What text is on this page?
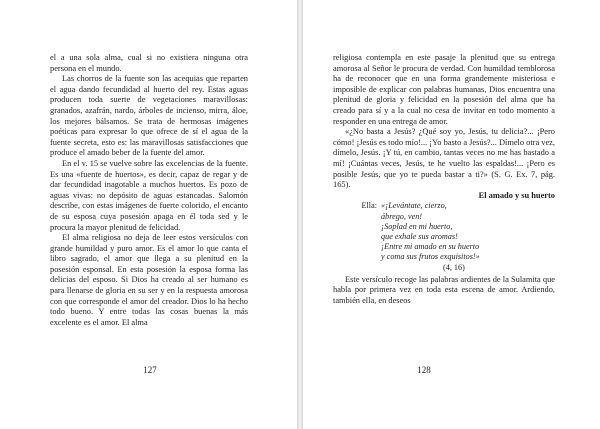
el a una sola alma, cual si no existiera ninguna otra persona en el mundo.

Las chorros de la fuente son las acequias que reparten el agua dando fecundidad al huerto del rey. Estas aguas producen toda suerte de vegetaciones maravillosas: granados, azafrán, nardo, árboles de incienso, mirra, áloe, los mejores bálsamos. Se trata de hermosas imágenes poéticas para expresar lo que ofrece de sí el agua de la fuente secreta, esto es: las maravillosas satisfacciones que produce el amado beber de la fuente del amor.

En el v. 15 se vuelve sobre las excelencias de la fuente. Es una «fuente de huertos», es decir, capaz de regar y de dar fecundidad inagotable a muchos huertos. Es pozo de aguas vivas: no depósito de aguas estancadas. Salomón describe, con estas imágenes de fuerte colorido, el encanto de su esposa cuya posesión apaga en él toda sed y le procura la mayor plenitud de felicidad.

El alma religiosa no deja de leer estos versículos con grande humildad y puro amor. Es el amor lo que canta el libro sagrado, el amor que llega a su plenitud en la posesión esponsal. En esta posesión la esposa forma las delicias del esposo. Si Dios ha creado al ser humano es para llenarse de gloria en su ser y en la respuesta amorosa con que corresponde el amor del creador. Dios lo ha hecho todo bueno. Y entre todas las cosas buenas la más excelente es el amor. El alma

127

religiosa contempla en este pasaje la plenitud que su entrega amorosa al Señor le procura de verdad. Con humildad temblorosa ha de reconocer que en una forma grandemente misteriosa e imposible de explicar con palabras humanas, Dios encuentra una plenitud de gloria y felicidad en la posesión del alma que ha creado para sí y a la cual no cesa de invitar en todo momento a responder en una entrega de amor.

«¿No basta a Jesús? ¿Qué soy yo, Jesús, tu delicia?... ¡Pero cómo! ¡Jesús es todo mío!... ¡Yo basto a Jesús?... Dímelo otra vez, dímelo, Jesús. ¡Y tú, en cambio, tantas veces no me has bastado a mí! ¡Cuántas veces, Jesús, te he vuelto las espaldas!... ¡Pero es posible Jesús, que yo te pueda bastar a ti?» (S. G. Ex. 7, pág. 165).

El amado y su huerto

Ella: «¡Levántate, cierzo,
ábrego, ven!
¡Soplad en mi huerto,
que exhale sus aromas!
¡Entre mi amado en su huerto
y coma sus frutos exquisitos!»
(4, 16)

Este versículo recoge las palabras ardientes de la Sulamita que habla por primera vez en toda esta escena de amor. Ardiendo, también ella, en deseos

128
